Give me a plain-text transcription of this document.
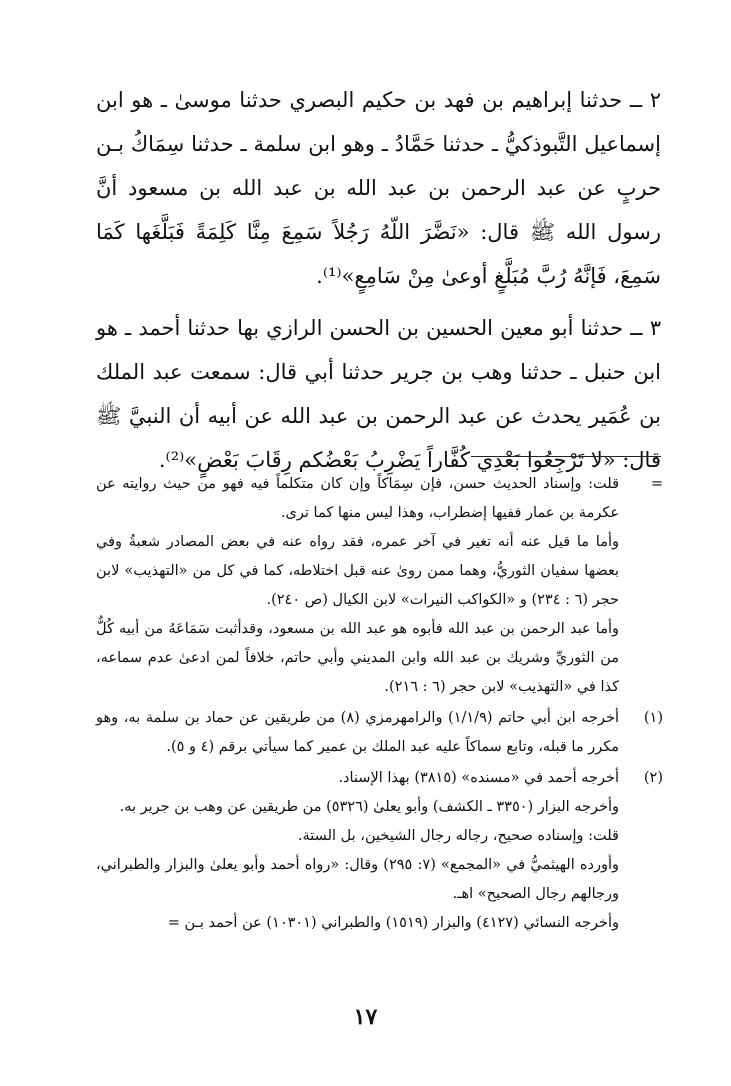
٢ ــ حدثنا إبراهيم بن فهد بن حكيم البصري حدثنا موسىٰ ـ هو ابن إسماعيل التَّبوذكيُّ ـ حدثنا حَمَّادُ ـ وهو ابن سلمة ـ حدثنا سِمَاكُ بـن حربٍ عن عبد الرحمن بن عبد الله بن عبد الله بن مسعود أنَّ رسول الله ﷺ قال: «نَضَّرَ اللّهُ رَجُلاً سَمِعَ مِنَّا كَلِمَةً فَبَلَّغَها كَمَا سَمِعَ، فَإنَّهُ رُبَّ مُبَلَّغٍ أوعىٰ مِنْ سَامِعٍ»⁽¹⁾.

٣ ــ حدثنا أبو معين الحسين بن الحسن الرازي بها حدثنا أحمد ـ هو ابن حنبل ـ حدثنا وهب بن جرير حدثنا أبي قال: سمعت عبد الملك بن عُمَير يحدث عن عبد الرحمن بن عبد الله عن أبيه أن النبيَّ ﷺ قال: «لا تَرْجِعُوا بَعْدِي كُفَّاراً يَضْرِبُ بَعْضُكم رِقَابَ بَعْضٍ»⁽²⁾.

=

قلت: وإسناد الحديث حسن، فإن سِمَاكاً وإن كان متكلماً فيه فهو من حيث روايته عن عكرمة بن عمار ففيها إضطراب، وهذا ليس منها كما ترى.

وأما ما قيل عنه أنه تغير في آخر عمره، فقد رواه عنه في بعض المصادر شعبةُ وفي بعضها سفيان الثوريُّ، وهما ممن روىٰ عنه قبل اختلاطه، كما في كل من «التهذيب» لابن حجر (٦ : ٢٣٤) و «الكواكب النيرات» لابن الكيال (ص ٢٤٠).

وأما عبد الرحمن بن عبد الله فأبوه هو عبد الله بن مسعود، وقدأثبت سَمَاعَهُ من أبيه كُلٌّ من الثوريِّ وشريك بن عبد الله وابن المديني وأبي حاتم، خلافاً لمن ادعىٰ عدم سماعه، كذا في «التهذيب» لابن حجر (٦ : ٢١٦).

(١)

أخرجه ابن أبي حاتم (١/١/٩) والرامهرمزي (٨) من طريقين عن حماد بن سلمة به، وهو مكرر ما قبله، وتابع سماكاً عليه عبد الملك بن عمير كما سيأتي برقم (٤ و ٥).

(٢)

أخرجه أحمد في «مسنده» (٣٨١٥) بهذا الإسناد.

وأخرجه البزار (٣٣٥٠ ـ الكشف) وأبو يعلىٰ (٥٣٢٦) من طريقين عن وهب بن جرير به.

قلت: وإسناده صحيح، رجاله رجال الشيخين، بل الستة.

وأورده الهيثميُّ في «المجمع» (٧: ٢٩٥) وقال: «رواه أحمد وأبو يعلىٰ والبزار والطبراني، ورجالهم رجال الصحيح» اهـ.

وأخرجه النسائي (٤١٢٧) والبزار (١٥١٩) والطبراني (١٠٣٠١) عن أحمد بـن =

١٧
